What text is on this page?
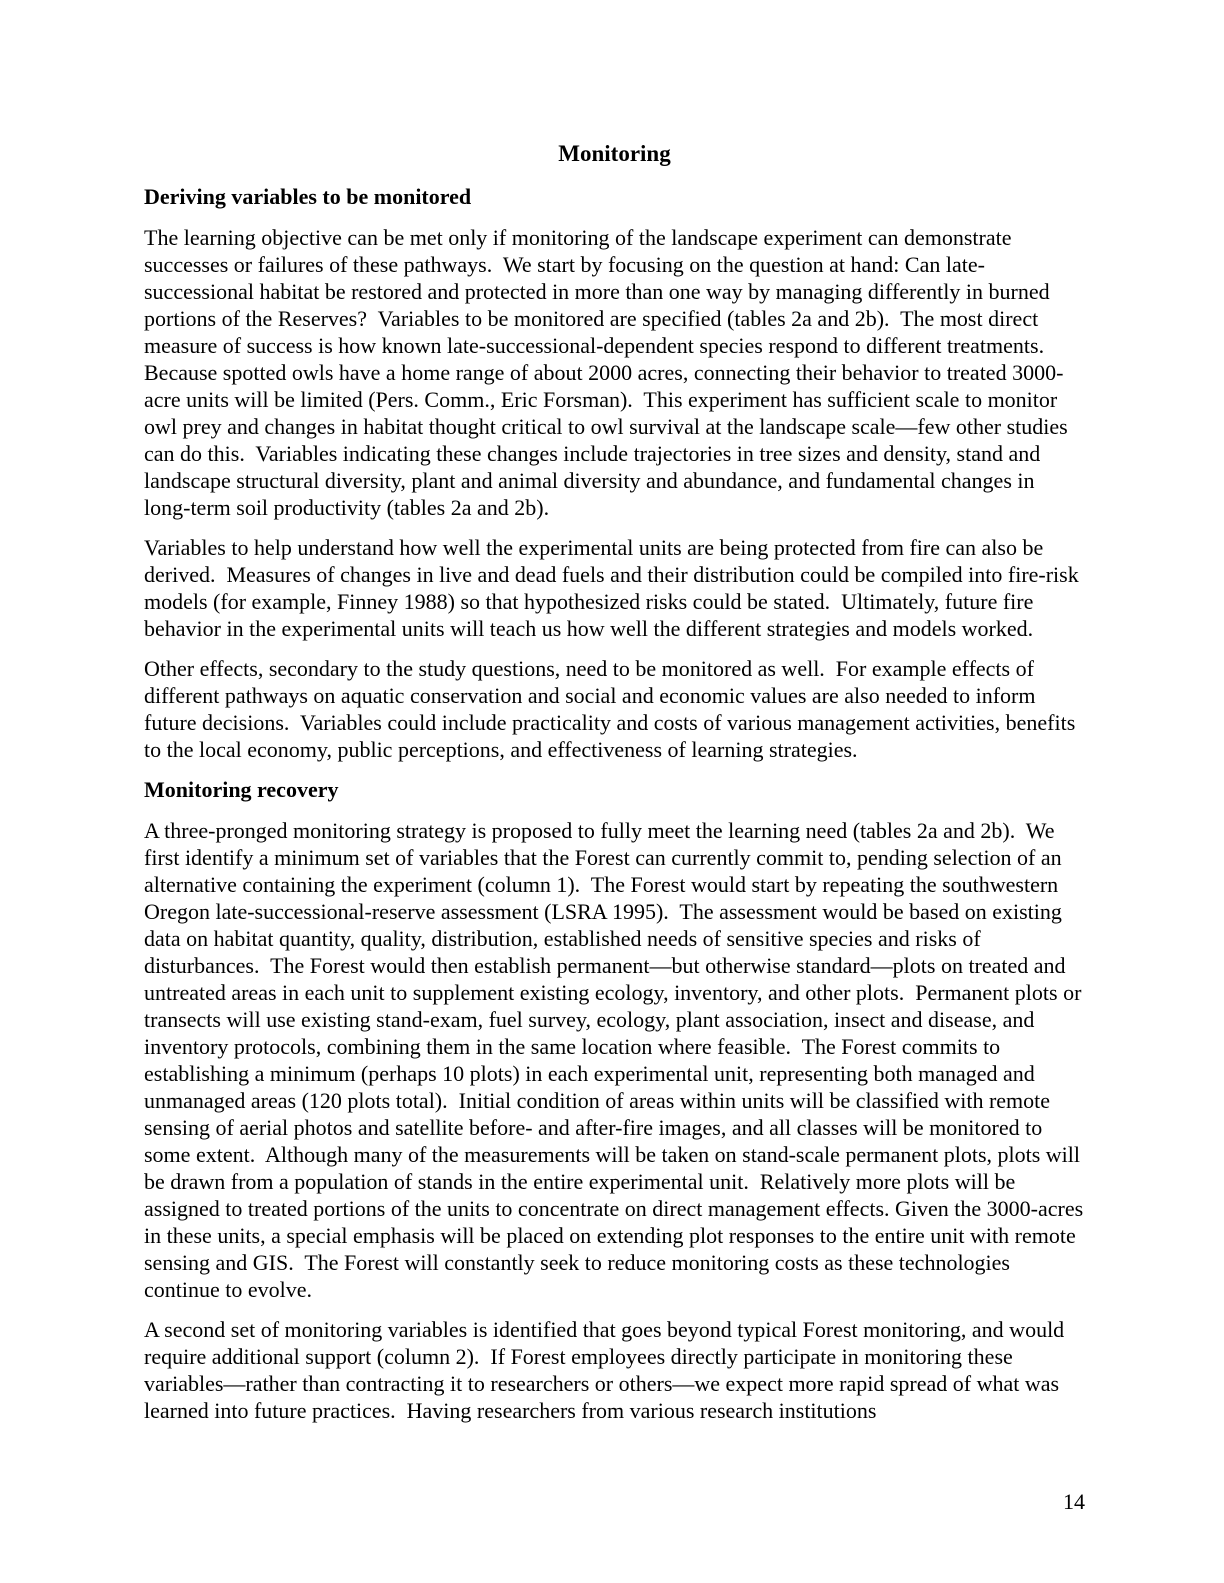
Monitoring
Deriving variables to be monitored

The learning objective can be met only if monitoring of the landscape experiment can demonstrate successes or failures of these pathways.  We start by focusing on the question at hand: Can late-successional habitat be restored and protected in more than one way by managing differently in burned portions of the Reserves?  Variables to be monitored are specified (tables 2a and 2b).  The most direct measure of success is how known late-successional-dependent species respond to different treatments.  Because spotted owls have a home range of about 2000 acres, connecting their behavior to treated 3000-acre units will be limited (Pers. Comm., Eric Forsman).  This experiment has sufficient scale to monitor owl prey and changes in habitat thought critical to owl survival at the landscape scale—few other studies can do this.  Variables indicating these changes include trajectories in tree sizes and density, stand and landscape structural diversity, plant and animal diversity and abundance, and fundamental changes in long-term soil productivity (tables 2a and 2b).

Variables to help understand how well the experimental units are being protected from fire can also be derived.  Measures of changes in live and dead fuels and their distribution could be compiled into fire-risk models (for example, Finney 1988) so that hypothesized risks could be stated.  Ultimately, future fire behavior in the experimental units will teach us how well the different strategies and models worked.

Other effects, secondary to the study questions, need to be monitored as well.  For example effects of different pathways on aquatic conservation and social and economic values are also needed to inform future decisions.  Variables could include practicality and costs of various management activities, benefits to the local economy, public perceptions, and effectiveness of learning strategies.

Monitoring recovery

A three-pronged monitoring strategy is proposed to fully meet the learning need (tables 2a and 2b).  We first identify a minimum set of variables that the Forest can currently commit to, pending selection of an alternative containing the experiment (column 1).  The Forest would start by repeating the southwestern Oregon late-successional-reserve assessment (LSRA 1995).  The assessment would be based on existing data on habitat quantity, quality, distribution, established needs of sensitive species and risks of disturbances.  The Forest would then establish permanent—but otherwise standard—plots on treated and untreated areas in each unit to supplement existing ecology, inventory, and other plots.  Permanent plots or transects will use existing stand-exam, fuel survey, ecology, plant association, insect and disease, and inventory protocols, combining them in the same location where feasible.  The Forest commits to establishing a minimum (perhaps 10 plots) in each experimental unit, representing both managed and unmanaged areas (120 plots total).  Initial condition of areas within units will be classified with remote sensing of aerial photos and satellite before- and after-fire images, and all classes will be monitored to some extent.  Although many of the measurements will be taken on stand-scale permanent plots, plots will be drawn from a population of stands in the entire experimental unit.  Relatively more plots will be assigned to treated portions of the units to concentrate on direct management effects. Given the 3000-acres in these units, a special emphasis will be placed on extending plot responses to the entire unit with remote sensing and GIS.  The Forest will constantly seek to reduce monitoring costs as these technologies continue to evolve.

A second set of monitoring variables is identified that goes beyond typical Forest monitoring, and would require additional support (column 2).  If Forest employees directly participate in monitoring these variables—rather than contracting it to researchers or others—we expect more rapid spread of what was learned into future practices.  Having researchers from various research institutions

14
